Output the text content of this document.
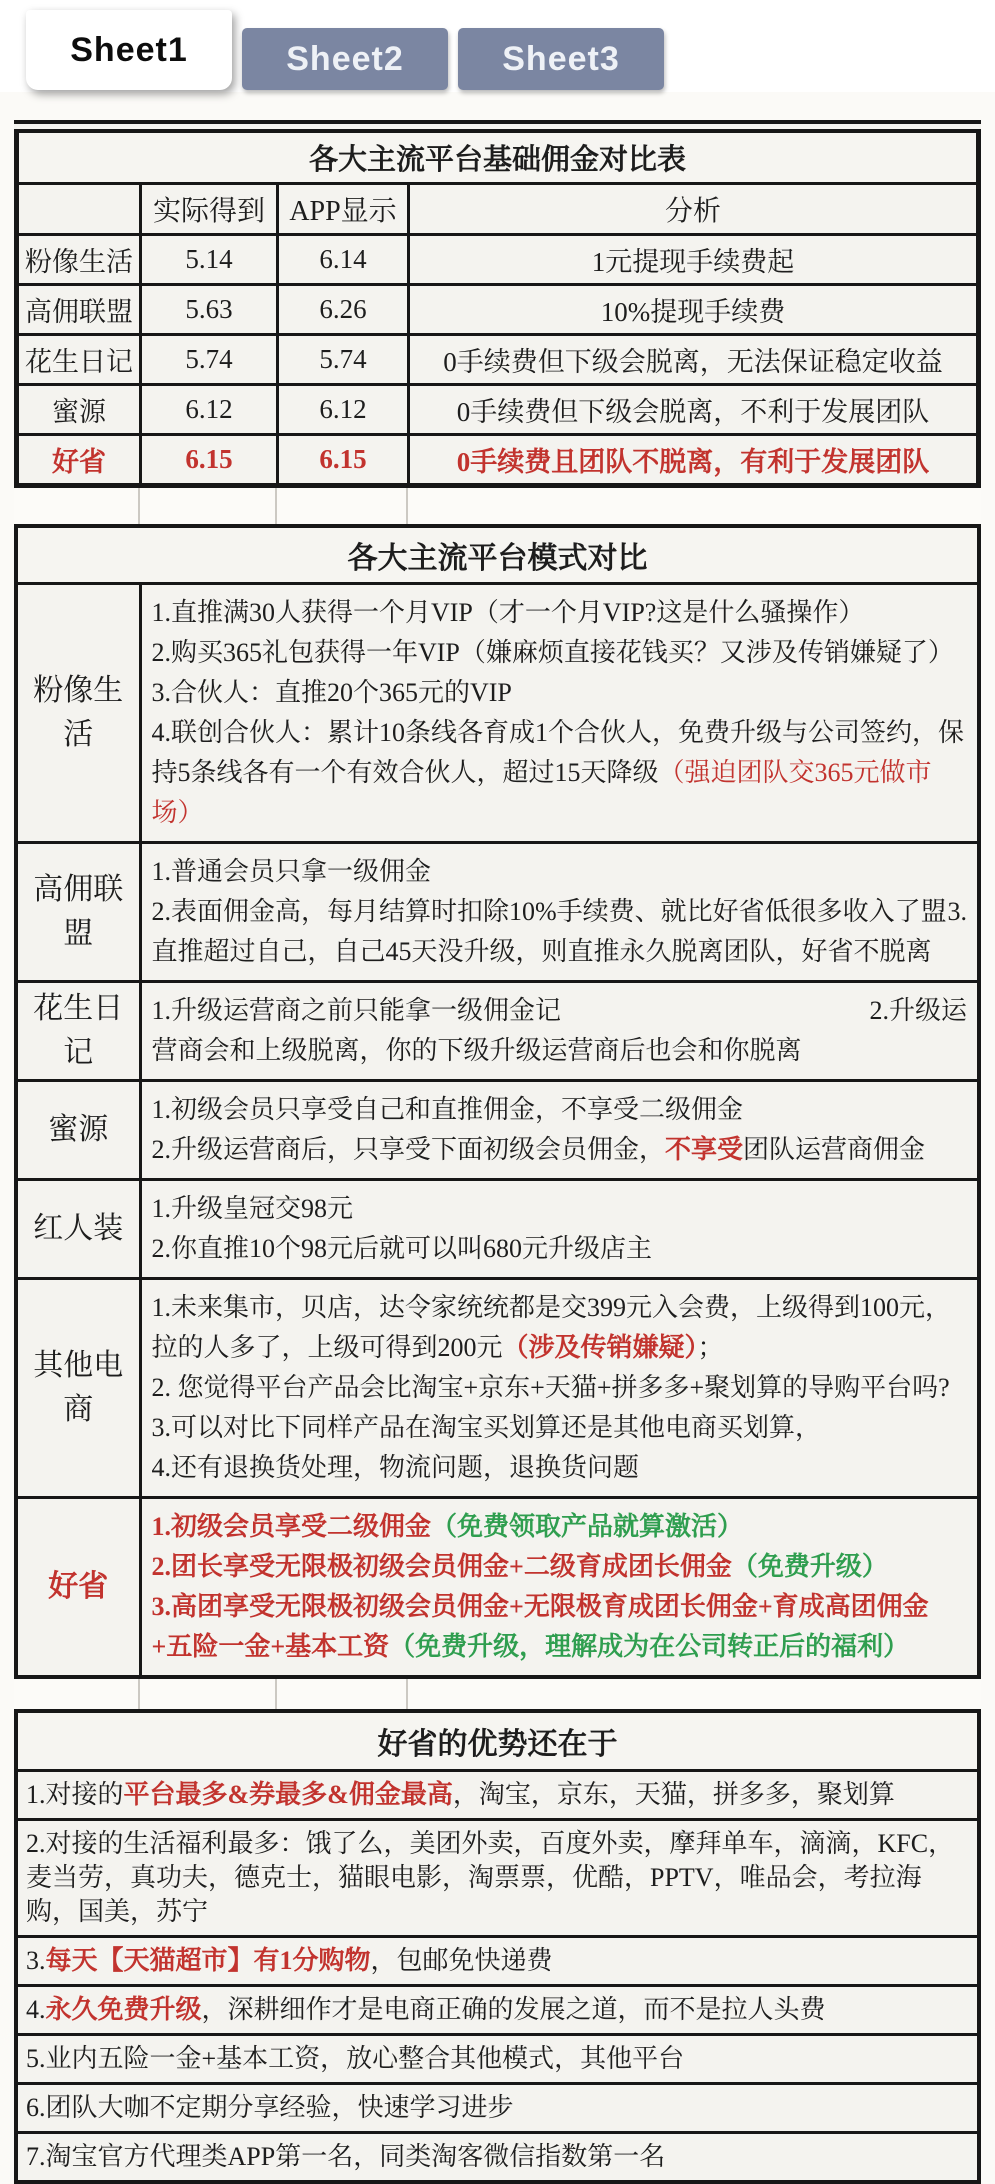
Sheet1	Sheet2	Sheet3
各大主流平台基础佣金对比表			
	实际得到	APP显示	分析
粉像生活	5.14	6.14	1元提现手续费起
高佣联盟	5.63	6.26	10%提现手续费
花生日记	5.74	5.74	0手续费但下级会脱离，无法保证稳定收益
蜜源	6.12	6.12	0手续费但下级会脱离，不利于发展团队
好省	6.15	6.15	0手续费且团队不脱离，有利于发展团队
各大主流平台模式对比	
粉像生活	1.直推满30人获得一个月VIP（才一个月VIP?这是什么骚操作）
2.购买365礼包获得一年VIP（嫌麻烦直接花钱买？又涉及传销嫌疑了）
3.合伙人：直推20个365元的VIP
4.联创合伙人：累计10条线各育成1个合伙人，免费升级与公司签约，保持5条线各有一个有效合伙人，超过15天降级（强迫团队交365元做市场）

高佣联盟	1.普通会员只拿一级佣金
2.表面佣金高，每月结算时扣除10%手续费、就比好省低很多收入了盟 3.
直推超过自己，自己45天没升级，则直推永久脱离团队，好省不脱离

花生日记	1.升级运营商之前只能拿一级佣金记 2.升级运
营商会和上级脱离，你的下级升级运营商后也会和你脱离

蜜源	1.初级会员只享受自己和直推佣金，不享受二级佣金
2.升级运营商后，只享受下面初级会员佣金，不享受团队运营商佣金

红人装	1.升级皇冠交98元
2.你直推10个98元后就可以叫680元升级店主

其他电商	1.未来集市，贝店，达令家统统都是交399元入会费，上级得到100元，拉的人多了，上级可得到200元（涉及传销嫌疑）；
2. 您觉得平台产品会比淘宝+京东+天猫+拼多多+聚划算的导购平台吗?
3.可以对比下同样产品在淘宝买划算还是其他电商买划算，
4.还有退换货处理，物流问题，退换货问题

好省	1.初级会员享受二级佣金（免费领取产品就算激活）
2.团长享受无限极初级会员佣金+二级育成团长佣金（免费升级）
3.高团享受无限极初级会员佣金+无限极育成团长佣金+育成高团佣金+五险一金+基本工资（免费升级，理解成为在公司转正后的福利）
好省的优势还在于
1.对接的平台最多&券最多&佣金最高，淘宝，京东，天猫，拼多多，聚划算
2.对接的生活福利最多：饿了么，美团外卖，百度外卖，摩拜单车，滴滴，KFC，麦当劳，真功夫，德克士，猫眼电影，淘票票，优酷，PPTV，唯品会，考拉海购，国美，苏宁
3.每天【天猫超市】有1分购物，包邮免快递费
4.永久免费升级，深耕细作才是电商正确的发展之道，而不是拉人头费
5.业内五险一金+基本工资，放心整合其他模式，其他平台
6.团队大咖不定期分享经验，快速学习进步
7.淘宝官方代理类APP第一名，同类淘客微信指数第一名
